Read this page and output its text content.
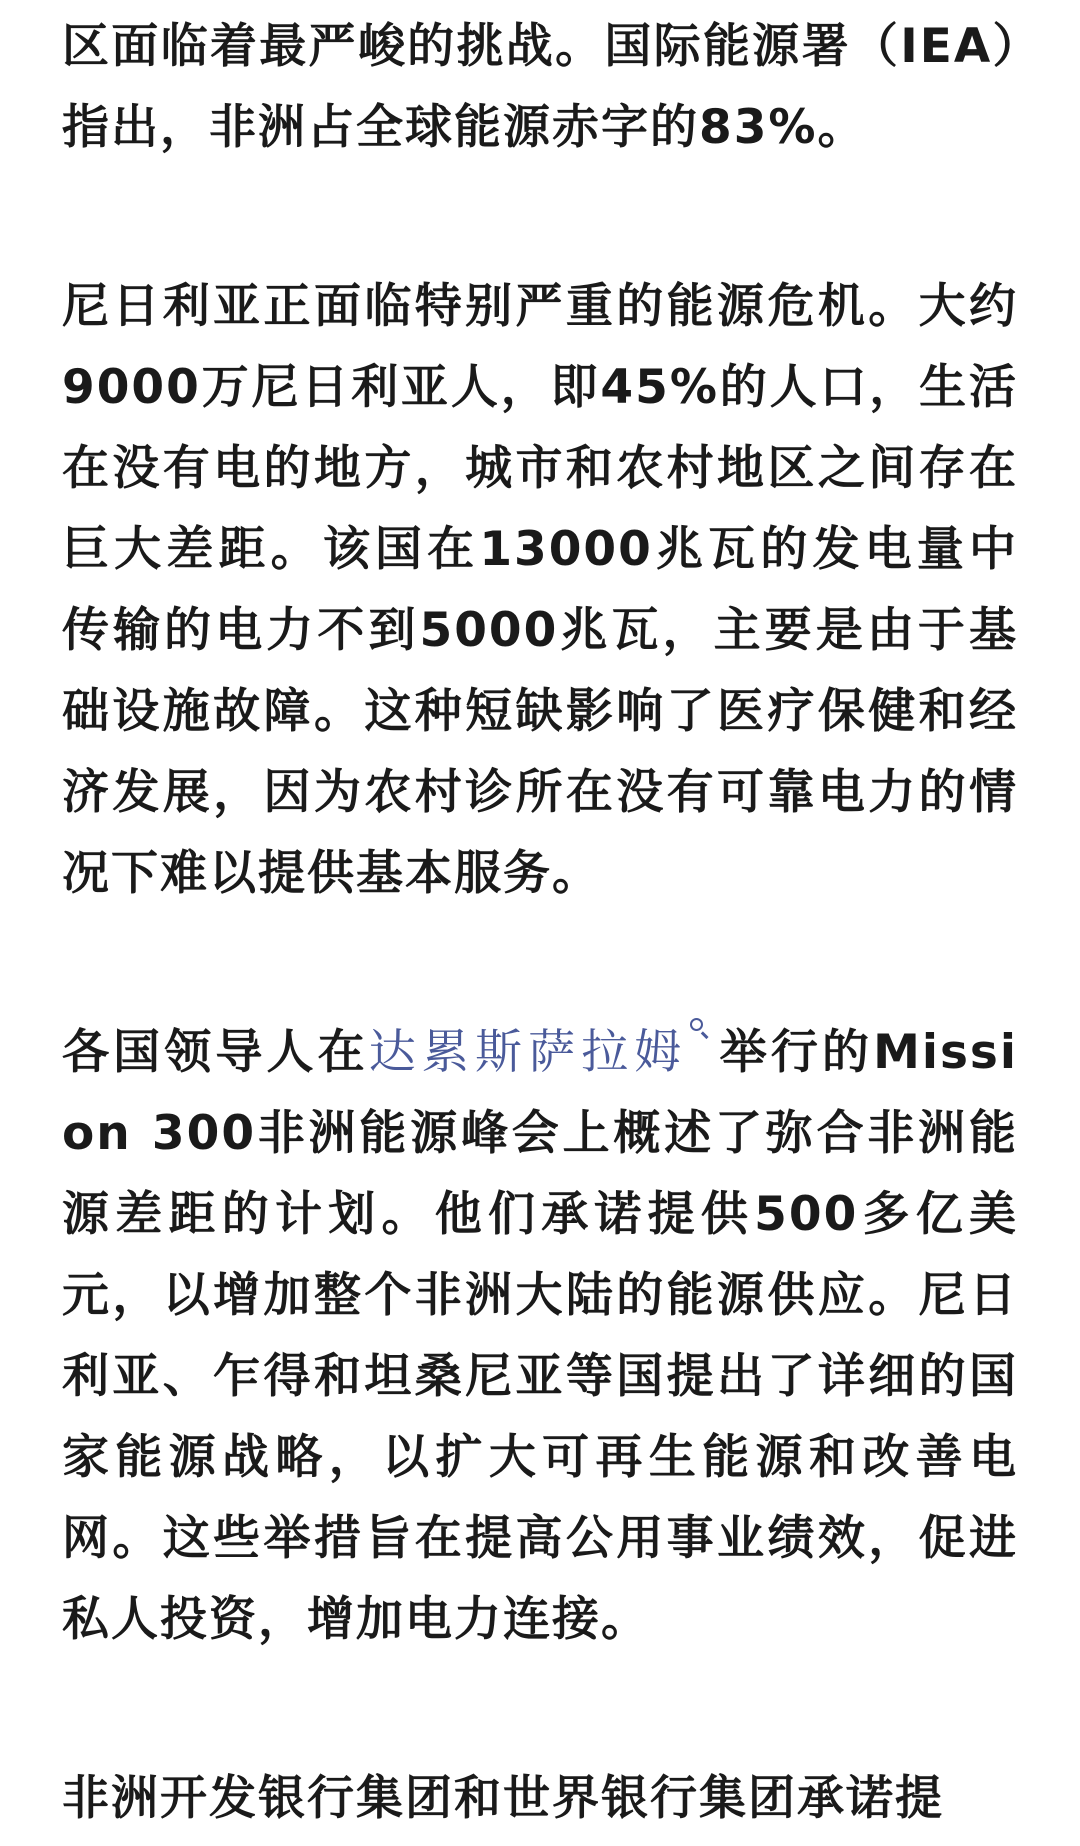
区面临着最严峻的挑战。国际能源署（IEA）指出，非洲占全球能源赤字的83%。

尼日利亚正面临特别严重的能源危机。大约9000万尼日利亚人，即45%的人口，生活在没有电的地方，城市和农村地区之间存在巨大差距。该国在13000兆瓦的发电量中传输的电力不到5000兆瓦，主要是由于基础设施故障。这种短缺影响了医疗保健和经济发展，因为农村诊所在没有可靠电力的情况下难以提供基本服务。

各国领导人在达累斯萨拉姆 举行的Mission 300非洲能源峰会上概述了弥合非洲能源差距的计划。他们承诺提供500多亿美元，以增加整个非洲大陆的能源供应。尼日利亚、乍得和坦桑尼亚等国提出了详细的国家能源战略，以扩大可再生能源和改善电网。这些举措旨在提高公用事业绩效，促进私人投资，增加电力连接。

非洲开发银行集团和世界银行集团承诺提
